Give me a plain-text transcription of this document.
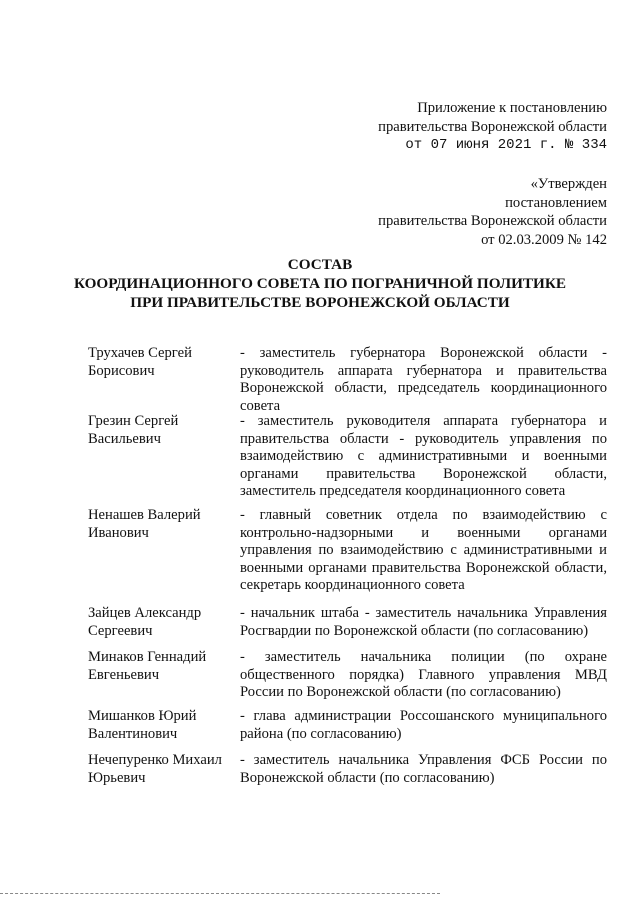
Приложение к постановлению
правительства Воронежской области
от 07 июня 2021 г. № 334
«Утвержден
постановлением
правительства Воронежской области
от 02.03.2009 № 142
СОСТАВ
КООРДИНАЦИОННОГО СОВЕТА ПО ПОГРАНИЧНОЙ ПОЛИТИКЕ
ПРИ ПРАВИТЕЛЬСТВЕ ВОРОНЕЖСКОЙ ОБЛАСТИ
Трухачев Сергей
Борисович
- заместитель губернатора Воронежской области - руководитель аппарата губернатора и правительства Воронежской области, председатель координационного совета
Грезин Сергей
Васильевич
- заместитель руководителя аппарата губернатора и правительства области - руководитель управления по взаимодействию с административными и военными органами правительства Воронежской области, заместитель председателя координационного совета
Ненашев Валерий
Иванович
- главный советник отдела по взаимодействию с контрольно-надзорными и военными органами управления по взаимодействию с административными и военными органами правительства Воронежской области, секретарь координационного совета
Зайцев Александр
Сергеевич
- начальник штаба - заместитель начальника Управления Росгвардии по Воронежской области (по согласованию)
Минаков Геннадий
Евгеньевич
- заместитель начальника полиции (по охране общественного порядка) Главного управления МВД России по Воронежской области (по согласованию)
Мишанков Юрий
Валентинович
- глава администрации Россошанского муниципального района (по согласованию)
Нечепуренко Михаил
Юрьевич
- заместитель начальника Управления ФСБ России по Воронежской области (по согласованию)
